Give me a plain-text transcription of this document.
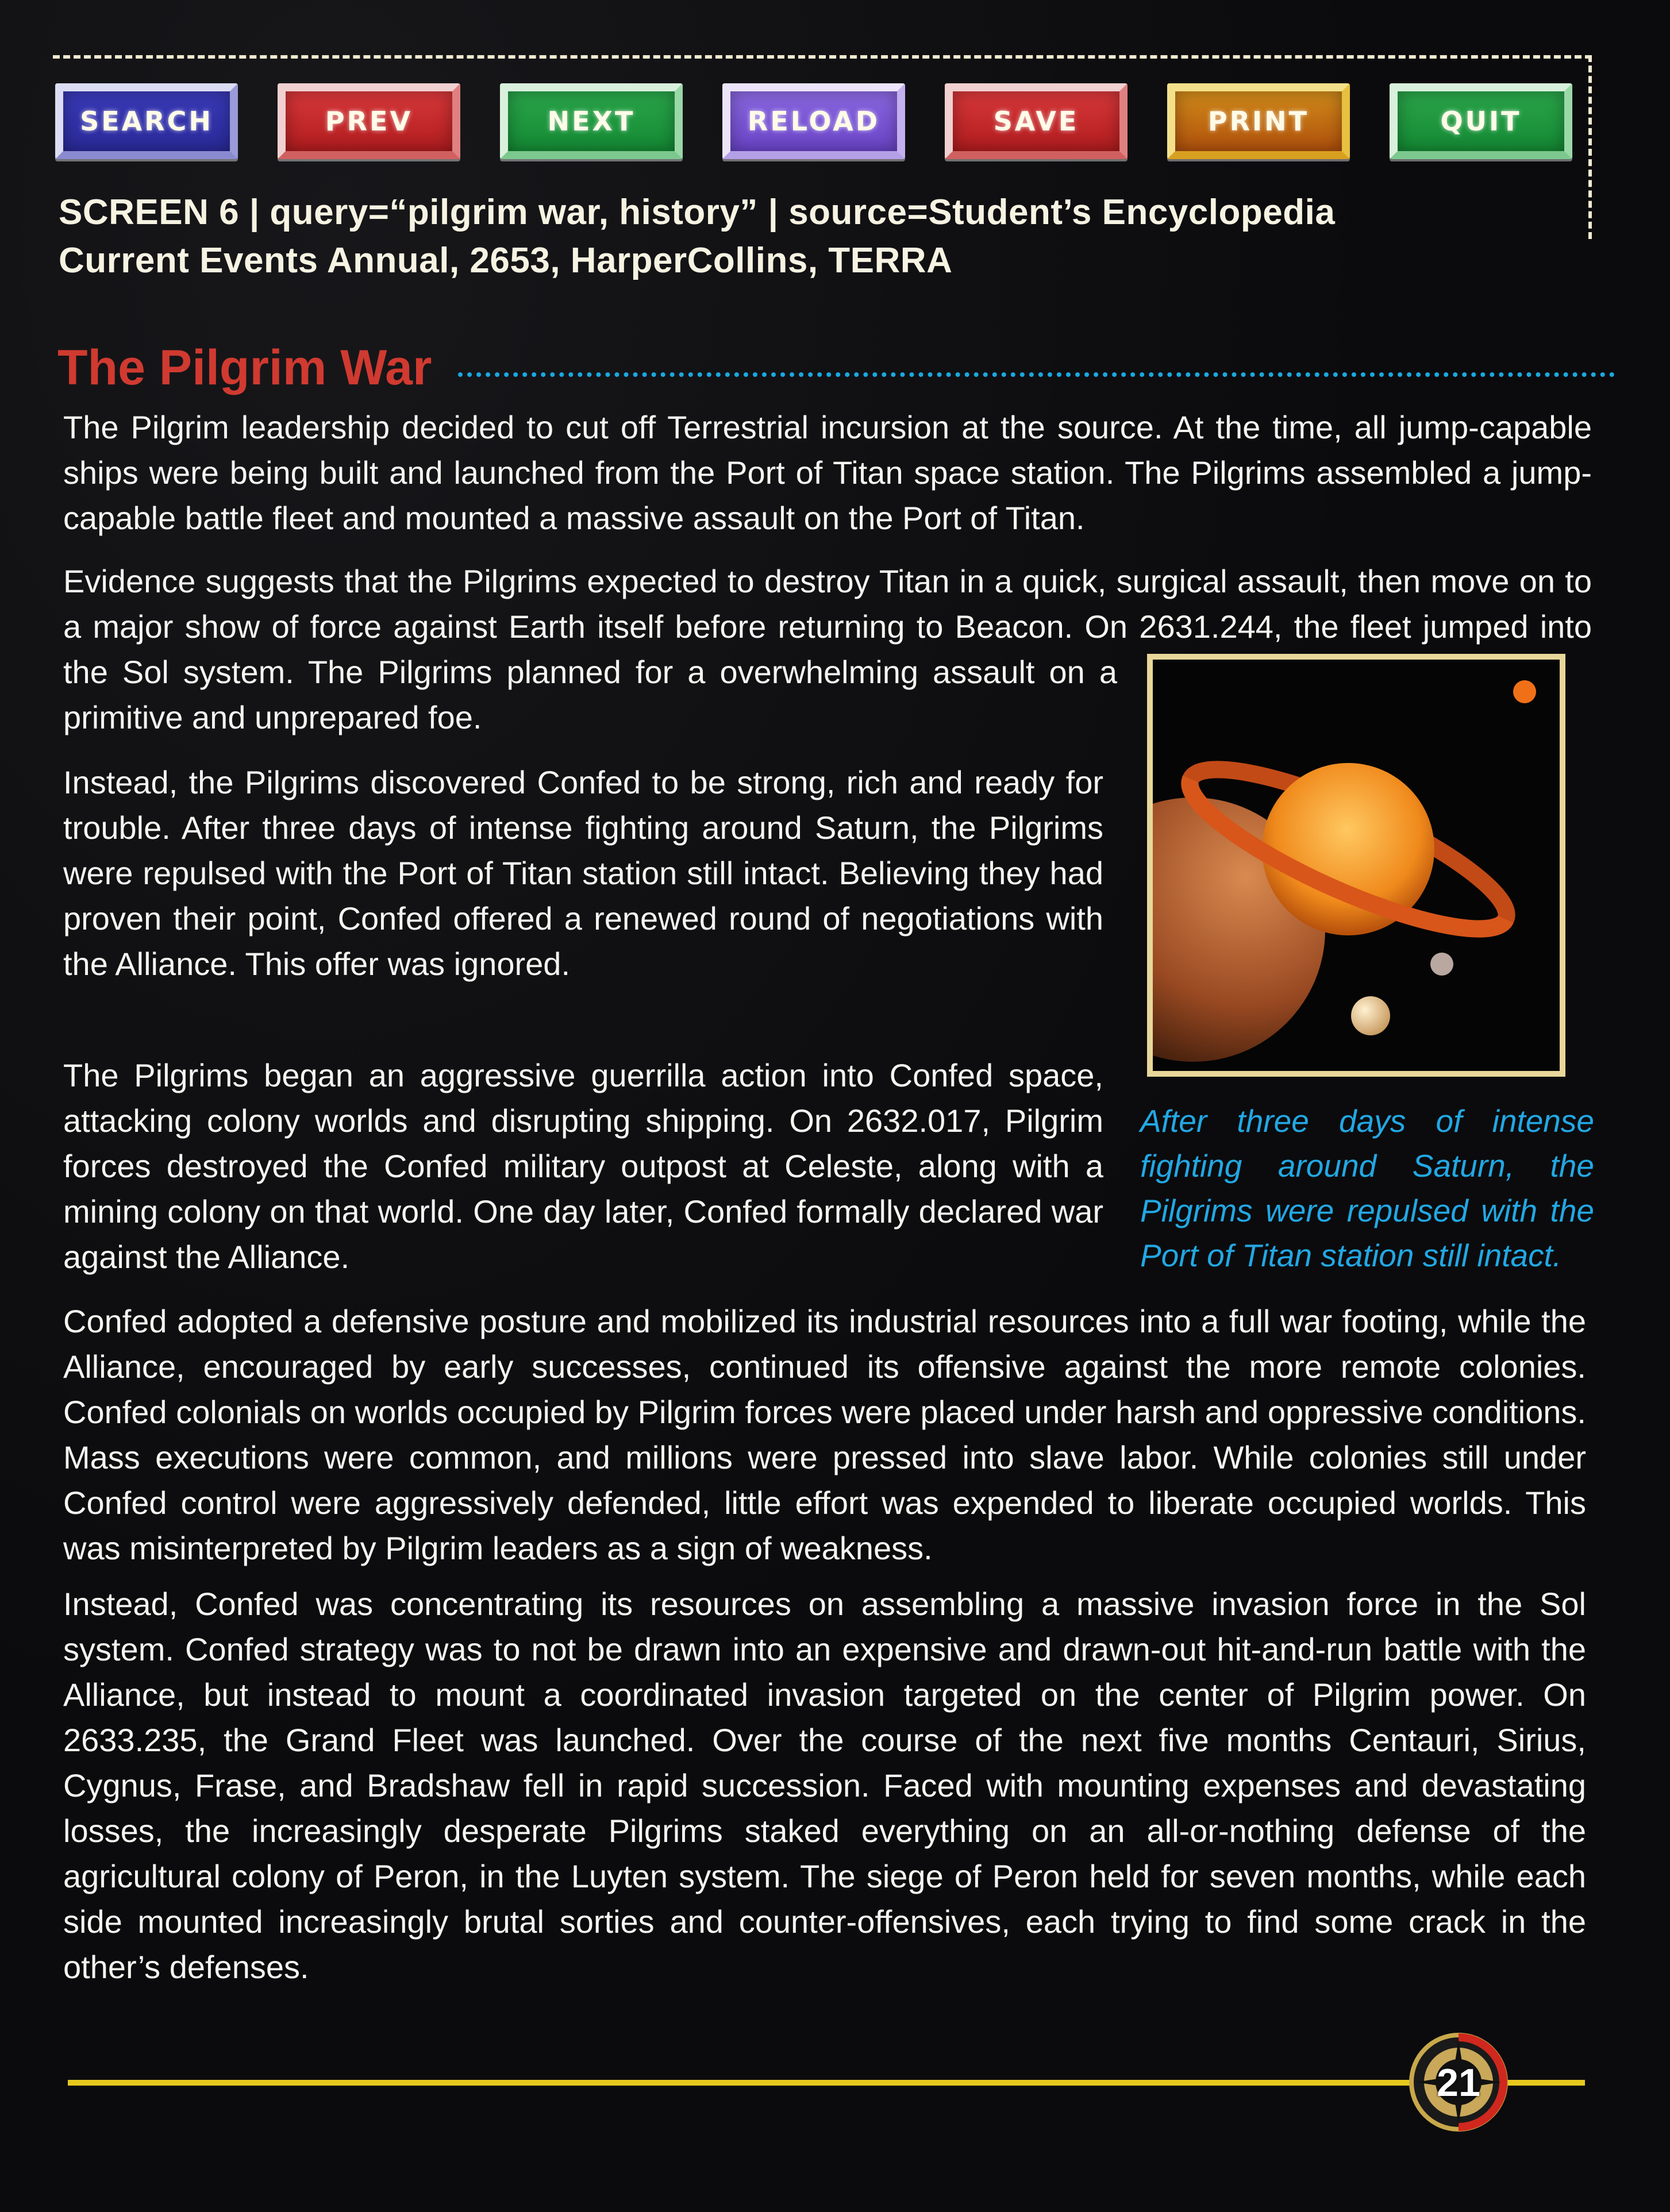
SEARCH	PREV	NEXT	RELOAD	SAVE	PRINT	QUIT
SCREEN 6 | query=“pilgrim war, history” | source=Student’s Encyclopedia
Current Events Annual, 2653, HarperCollins, TERRA
The Pilgrim War

The Pilgrim leadership decided to cut off Terrestrial incursion at the source. At the time, all jump-capable ships were being built and launched from the Port of Titan space station. The Pilgrims assembled a jump-capable battle fleet and mounted a massive assault on the Port of Titan.

Evidence suggests that the Pilgrims expected to destroy Titan in a quick, surgical assault, then move on to a major show of force against Earth itself before returning to Beacon. On 2631.244, the fleet jumped into the Sol system. The Pilgrims planned for a overwhelming assault on a primitive and unprepared foe.

Instead, the Pilgrims discovered Confed to be strong, rich and ready for trouble. After three days of intense fighting around Saturn, the Pilgrims were repulsed with the Port of Titan station still intact. Believing they had proven their point, Confed offered a renewed round of negotiations with the Alliance. This offer was ignored.

The Pilgrims began an aggressive guerrilla action into Confed space, attacking colony worlds and disrupting shipping. On 2632.017, Pilgrim forces destroyed the Confed military outpost at Celeste, along with a mining colony on that world. One day later, Confed formally declared war against the Alliance.

Confed adopted a defensive posture and mobilized its industrial resources into a full war footing, while the Alliance, encouraged by early successes, continued its offensive against the more remote colonies. Confed colonials on worlds occupied by Pilgrim forces were placed under harsh and oppressive conditions. Mass executions were common, and millions were pressed into slave labor. While colonies still under Confed control were aggressively defended, little effort was expended to liberate occupied worlds. This was misinterpreted by Pilgrim leaders as a sign of weakness.

Instead, Confed was concentrating its resources on assembling a massive invasion force in the Sol system. Confed strategy was to not be drawn into an expensive and drawn-out hit-and-run battle with the Alliance, but instead to mount a coordinated invasion targeted on the center of Pilgrim power. On 2633.235, the Grand Fleet was launched. Over the course of the next five months Centauri, Sirius, Cygnus, Frase, and Bradshaw fell in rapid succession. Faced with mounting expenses and devastating losses, the increasingly desperate Pilgrims staked everything on an all-or-nothing defense of the agricultural colony of Peron, in the Luyten system. The siege of Peron held for seven months, while each side mounted increasingly brutal sorties and counter-offensives, each trying to find some crack in the other’s defenses.

After three days of intense fighting around Saturn, the Pilgrims were repulsed with the Port of Titan station still intact.
21
